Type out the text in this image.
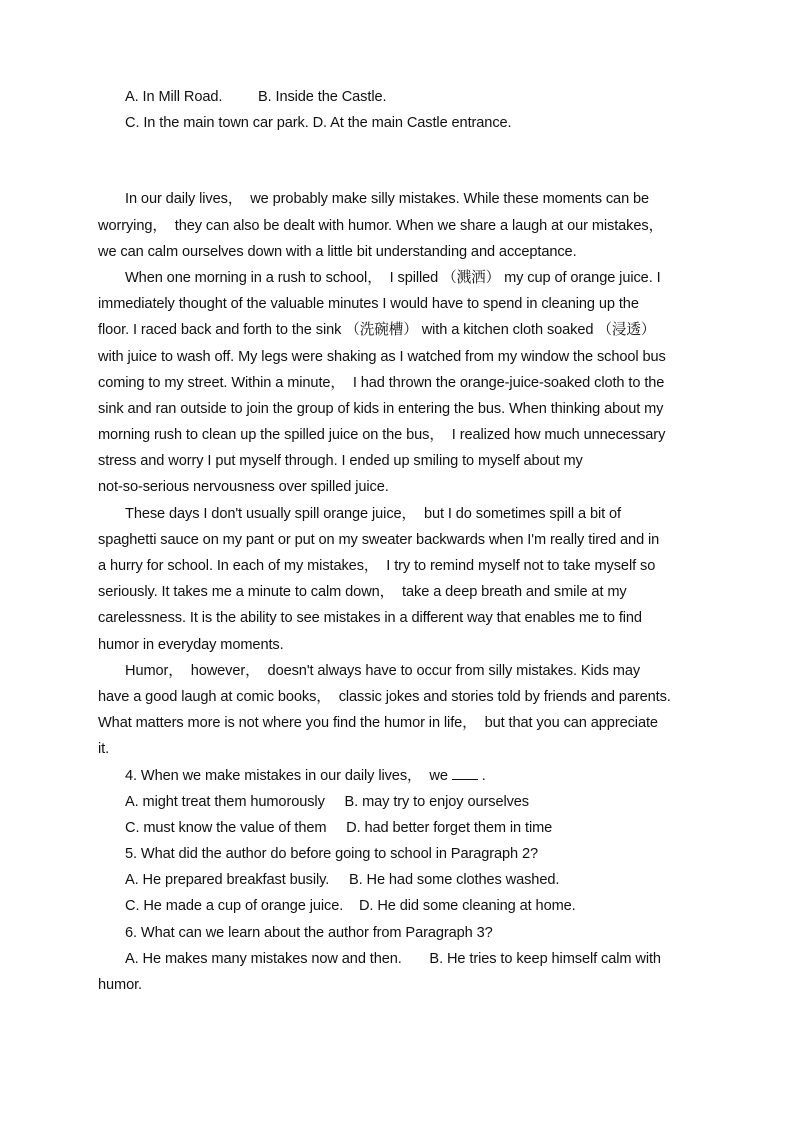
A. In Mill Road.         B. Inside the Castle.
C. In the main town car park. D. At the main Castle entrance.
In our daily lives，  we probably make silly mistakes. While these moments can be
worrying，  they can also be dealt with humor. When we share a laugh at our mistakes，
we can calm ourselves down with a little bit understanding and acceptance.
When one morning in a rush to school，  I spilled （溅洒） my cup of orange juice. I
immediately thought of the valuable minutes I would have to spend in cleaning up the
floor. I raced back and forth to the sink （洗碗槽） with a kitchen cloth soaked （浸透）
with juice to wash off. My legs were shaking as I watched from my window the school bus
coming to my street. Within a minute，  I had thrown the orange-juice-soaked cloth to the
sink and ran outside to join the group of kids in entering the bus. When thinking about my
morning rush to clean up the spilled juice on the bus，  I realized how much unnecessary
stress and worry I put myself through. I ended up smiling to myself about my
not-so-serious nervousness over spilled juice.
These days I don't usually spill orange juice，  but I do sometimes spill a bit of
spaghetti sauce on my pant or put on my sweater backwards when I'm really tired and in
a hurry for school. In each of my mistakes，  I try to remind myself not to take myself so
seriously. It takes me a minute to calm down，  take a deep breath and smile at my
carelessness. It is the ability to see mistakes in a different way that enables me to find
humor in everyday moments.
Humor，  however，  doesn't always have to occur from silly mistakes. Kids may
have a good laugh at comic books，  classic jokes and stories told by friends and parents.
What matters more is not where you find the humor in life，  but that you can appreciate
it.
4. When we make mistakes in our daily lives，  we  .
A. might treat them humorously     B. may try to enjoy ourselves
C. must know the value of them     D. had better forget them in time
5. What did the author do before going to school in Paragraph 2?
A. He prepared breakfast busily.     B. He had some clothes washed.
C. He made a cup of orange juice.    D. He did some cleaning at home.
6. What can we learn about the author from Paragraph 3?
A. He makes many mistakes now and then.       B. He tries to keep himself calm with
humor.
